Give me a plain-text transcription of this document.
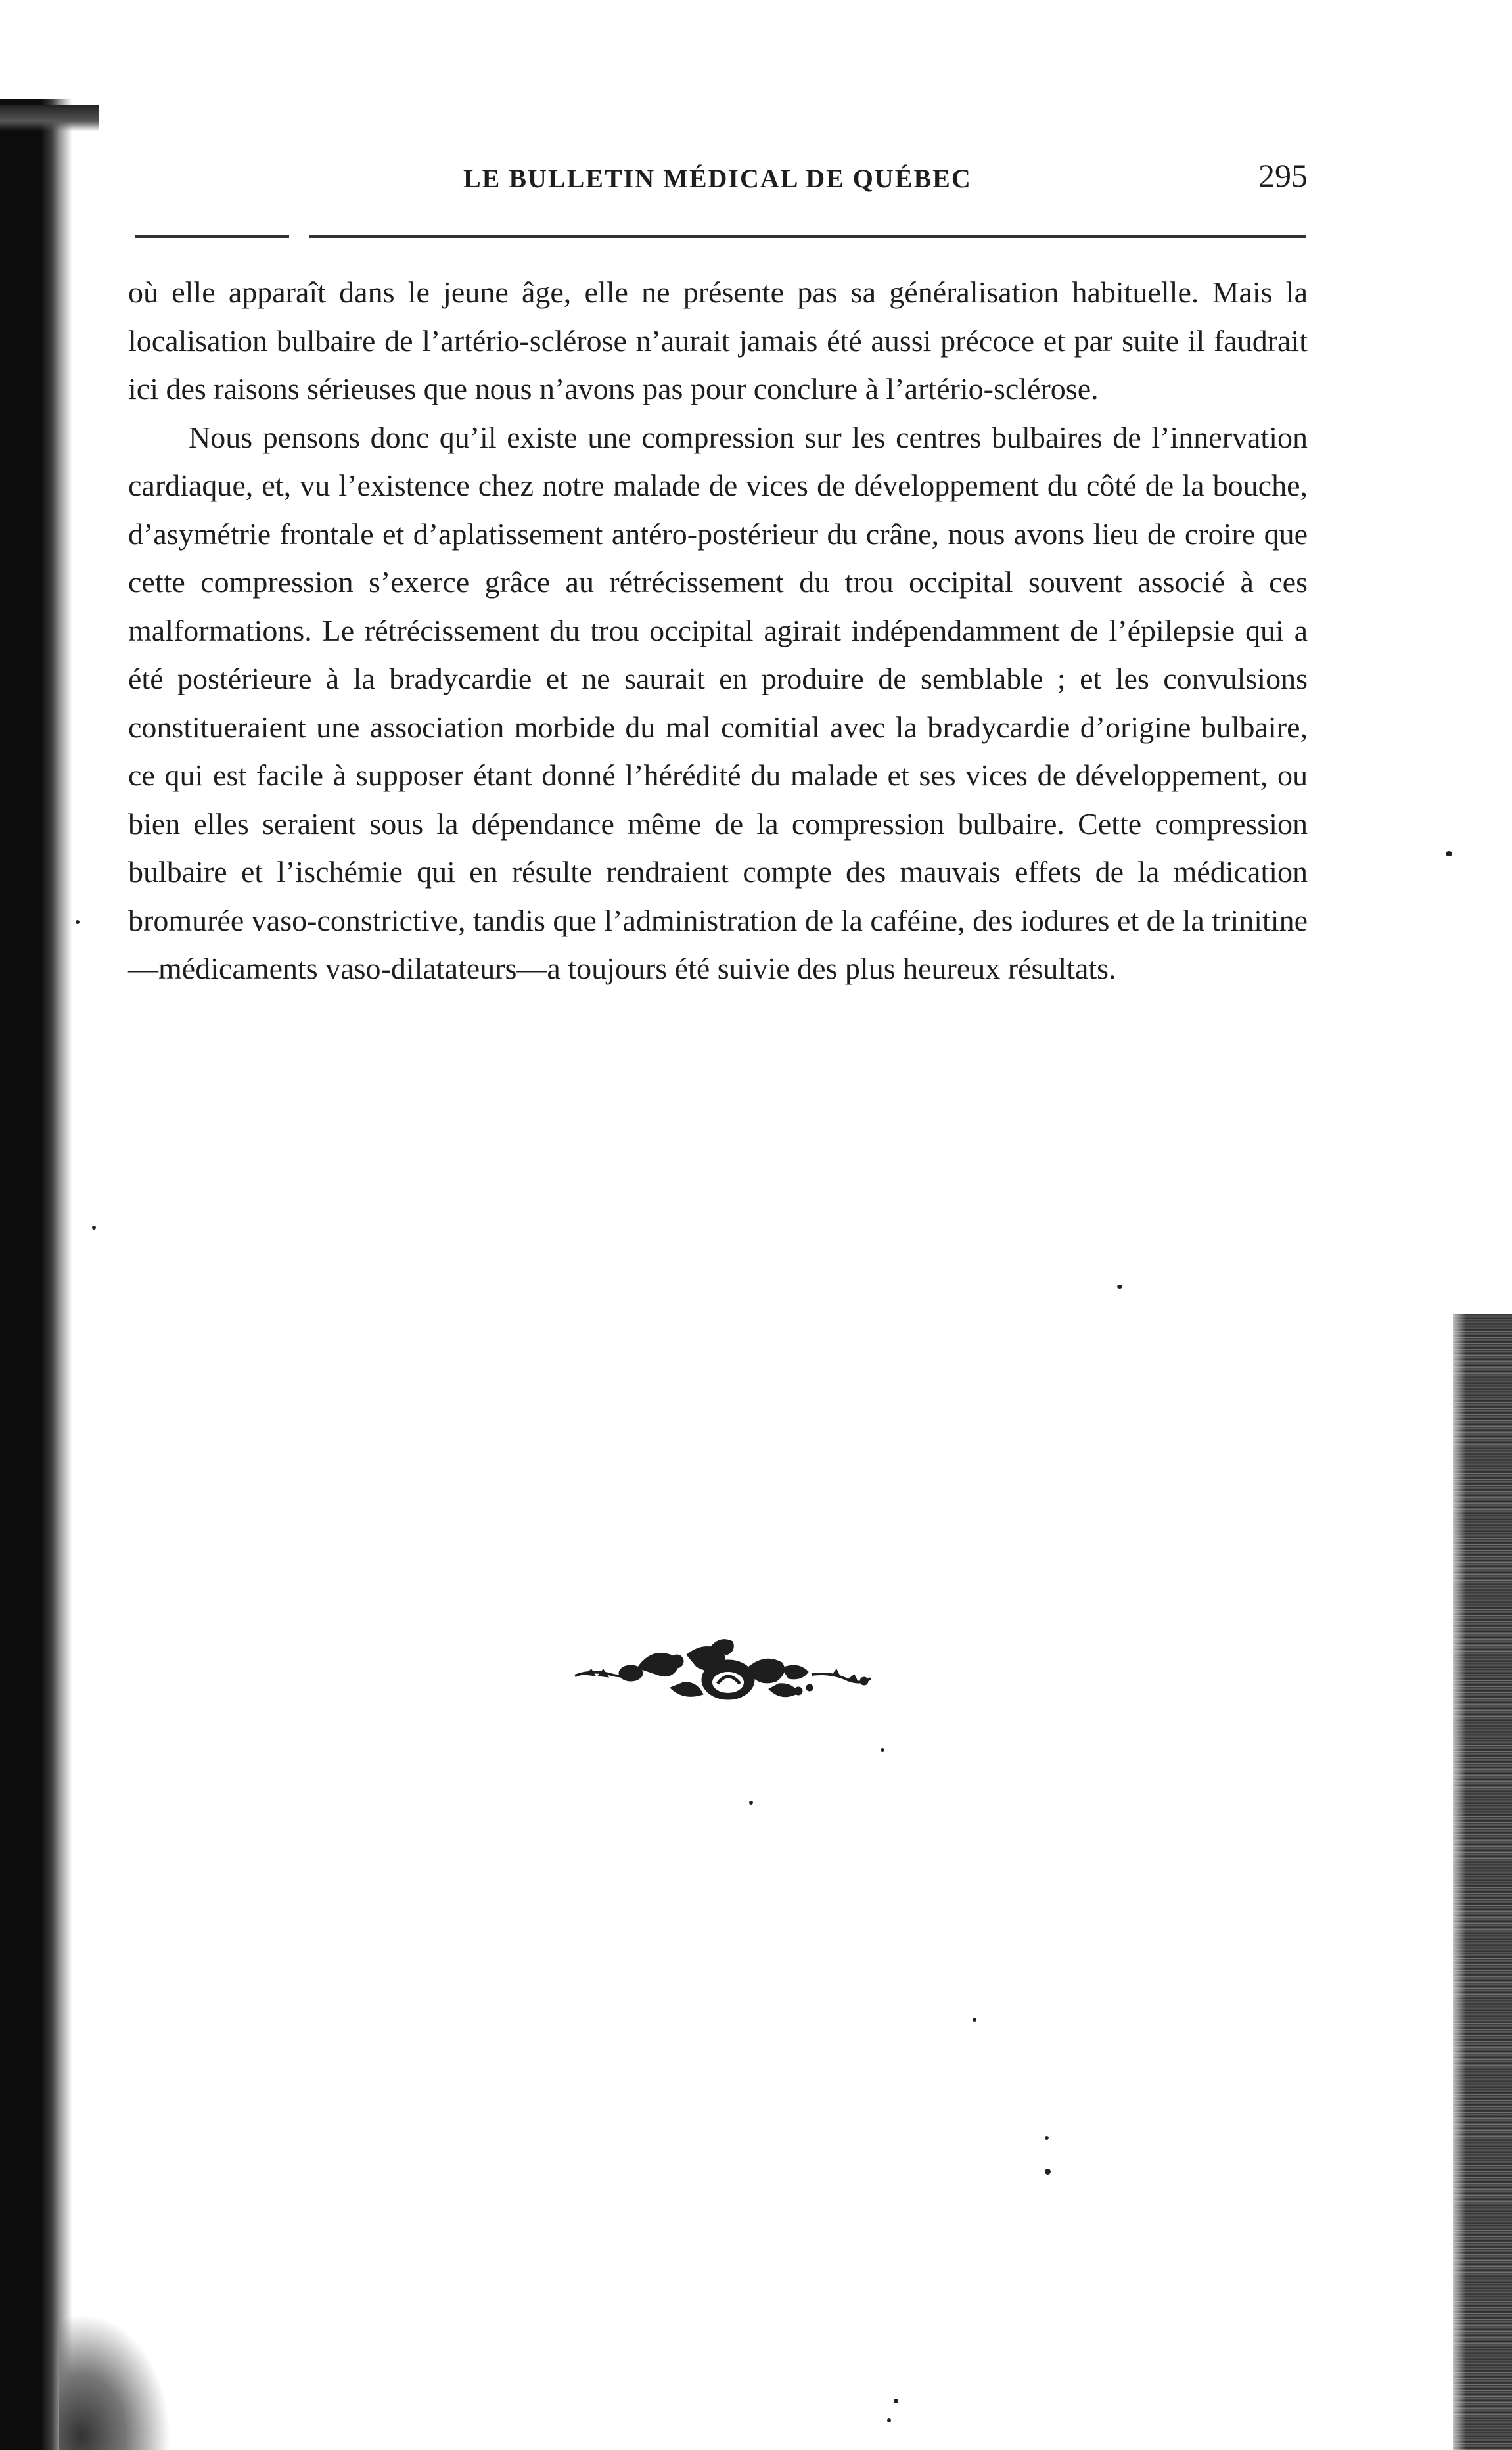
LE BULLETIN MÉDICAL DE QUÉBEC	295

où elle apparaît dans le jeune âge, elle ne présente pas sa généralisation habituelle. Mais la localisation bulbaire de l’artério-sclérose n’aurait jamais été aussi précoce et par suite il faudrait ici des raisons sérieuses que nous n’avons pas pour conclure à l’artério-sclérose.

Nous pensons donc qu’il existe une compression sur les centres bulbaires de l’innervation cardiaque, et, vu l’existence chez notre malade de vices de développement du côté de la bouche, d’asymétrie frontale et d’aplatissement antéro-postérieur du crâne, nous avons lieu de croire que cette compression s’exerce grâce au rétrécissement du trou occipital souvent associé à ces malformations. Le rétrécissement du trou occipital agirait indépendamment de l’épilepsie qui a été postérieure à la bradycardie et ne saurait en produire de semblable ; et les convulsions constitueraient une association morbide du mal comitial avec la bradycardie d’origine bulbaire, ce qui est facile à supposer étant donné l’hérédité du malade et ses vices de développement, ou bien elles seraient sous la dépendance même de la compression bulbaire. Cette compression bulbaire et l’ischémie qui en résulte rendraient compte des mauvais effets de la médication bromurée vaso-constrictive, tandis que l’administration de la caféine, des iodures et de la trinitine—médicaments vaso-dilatateurs—a toujours été suivie des plus heureux résultats.
